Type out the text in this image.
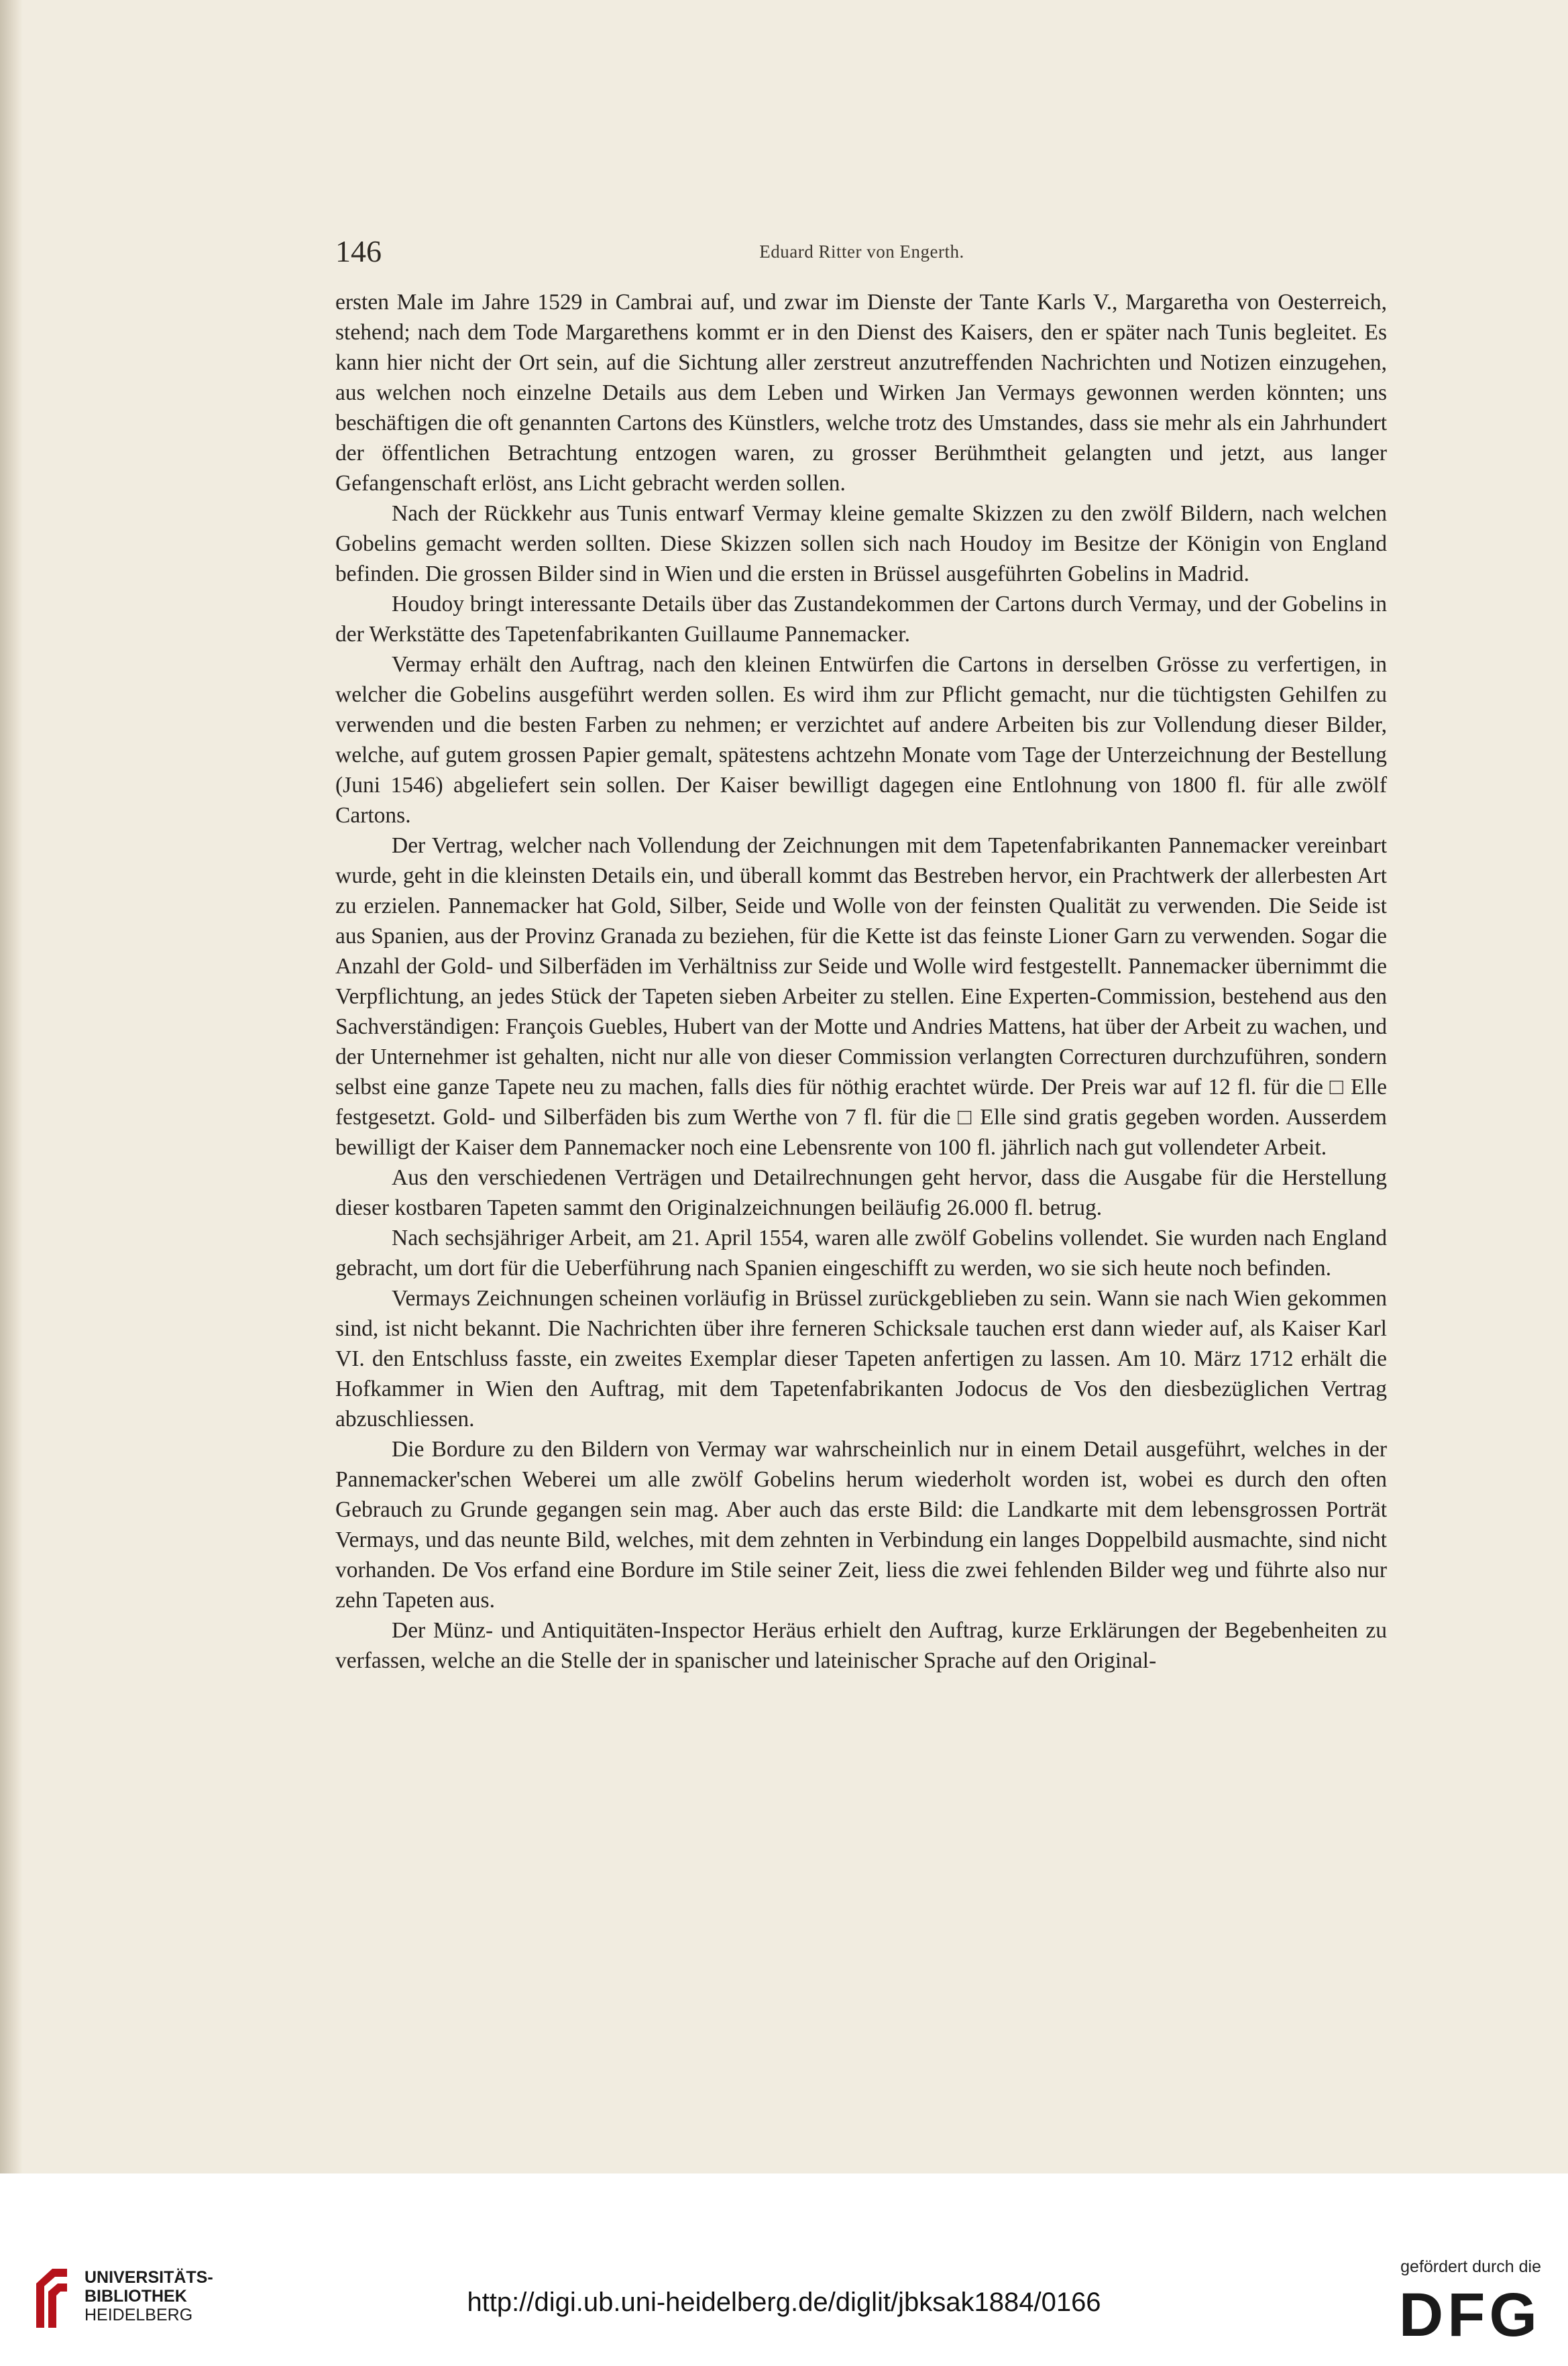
146	Eduard Ritter von Engerth.

ersten Male im Jahre 1529 in Cambrai auf, und zwar im Dienste der Tante Karls V., Margaretha von Oesterreich, stehend; nach dem Tode Margarethens kommt er in den Dienst des Kaisers, den er später nach Tunis begleitet. Es kann hier nicht der Ort sein, auf die Sichtung aller zerstreut anzutreffenden Nachrichten und Notizen einzugehen, aus welchen noch einzelne Details aus dem Leben und Wirken Jan Vermays gewonnen werden könnten; uns beschäftigen die oft genannten Cartons des Künstlers, welche trotz des Umstandes, dass sie mehr als ein Jahrhundert der öffentlichen Betrachtung entzogen waren, zu grosser Berühmtheit gelangten und jetzt, aus langer Gefangenschaft erlöst, ans Licht gebracht werden sollen.

Nach der Rückkehr aus Tunis entwarf Vermay kleine gemalte Skizzen zu den zwölf Bildern, nach welchen Gobelins gemacht werden sollten. Diese Skizzen sollen sich nach Houdoy im Besitze der Königin von England befinden. Die grossen Bilder sind in Wien und die ersten in Brüssel ausgeführten Gobelins in Madrid.

Houdoy bringt interessante Details über das Zustandekommen der Cartons durch Vermay, und der Gobelins in der Werkstätte des Tapetenfabrikanten Guillaume Pannemacker.

Vermay erhält den Auftrag, nach den kleinen Entwürfen die Cartons in derselben Grösse zu verfertigen, in welcher die Gobelins ausgeführt werden sollen. Es wird ihm zur Pflicht gemacht, nur die tüchtigsten Gehilfen zu verwenden und die besten Farben zu nehmen; er verzichtet auf andere Arbeiten bis zur Vollendung dieser Bilder, welche, auf gutem grossen Papier gemalt, spätestens achtzehn Monate vom Tage der Unterzeichnung der Bestellung (Juni 1546) abgeliefert sein sollen. Der Kaiser bewilligt dagegen eine Entlohnung von 1800 fl. für alle zwölf Cartons.

Der Vertrag, welcher nach Vollendung der Zeichnungen mit dem Tapetenfabrikanten Pannemacker vereinbart wurde, geht in die kleinsten Details ein, und überall kommt das Bestreben hervor, ein Prachtwerk der allerbesten Art zu erzielen. Pannemacker hat Gold, Silber, Seide und Wolle von der feinsten Qualität zu verwenden. Die Seide ist aus Spanien, aus der Provinz Granada zu beziehen, für die Kette ist das feinste Lioner Garn zu verwenden. Sogar die Anzahl der Gold- und Silberfäden im Verhältniss zur Seide und Wolle wird festgestellt. Pannemacker übernimmt die Verpflichtung, an jedes Stück der Tapeten sieben Arbeiter zu stellen. Eine Experten-Commission, bestehend aus den Sachverständigen: François Guebles, Hubert van der Motte und Andries Mattens, hat über der Arbeit zu wachen, und der Unternehmer ist gehalten, nicht nur alle von dieser Commission verlangten Correcturen durchzuführen, sondern selbst eine ganze Tapete neu zu machen, falls dies für nöthig erachtet würde. Der Preis war auf 12 fl. für die □ Elle festgesetzt. Gold- und Silberfäden bis zum Werthe von 7 fl. für die □ Elle sind gratis gegeben worden. Ausserdem bewilligt der Kaiser dem Pannemacker noch eine Lebensrente von 100 fl. jährlich nach gut vollendeter Arbeit.

Aus den verschiedenen Verträgen und Detailrechnungen geht hervor, dass die Ausgabe für die Herstellung dieser kostbaren Tapeten sammt den Originalzeichnungen beiläufig 26.000 fl. betrug.

Nach sechsjähriger Arbeit, am 21. April 1554, waren alle zwölf Gobelins vollendet. Sie wurden nach England gebracht, um dort für die Ueberführung nach Spanien eingeschifft zu werden, wo sie sich heute noch befinden.

Vermays Zeichnungen scheinen vorläufig in Brüssel zurückgeblieben zu sein. Wann sie nach Wien gekommen sind, ist nicht bekannt. Die Nachrichten über ihre ferneren Schicksale tauchen erst dann wieder auf, als Kaiser Karl VI. den Entschluss fasste, ein zweites Exemplar dieser Tapeten anfertigen zu lassen. Am 10. März 1712 erhält die Hofkammer in Wien den Auftrag, mit dem Tapetenfabrikanten Jodocus de Vos den diesbezüglichen Vertrag abzuschliessen.

Die Bordure zu den Bildern von Vermay war wahrscheinlich nur in einem Detail ausgeführt, welches in der Pannemacker'schen Weberei um alle zwölf Gobelins herum wiederholt worden ist, wobei es durch den often Gebrauch zu Grunde gegangen sein mag. Aber auch das erste Bild: die Landkarte mit dem lebensgrossen Porträt Vermays, und das neunte Bild, welches, mit dem zehnten in Verbindung ein langes Doppelbild ausmachte, sind nicht vorhanden. De Vos erfand eine Bordure im Stile seiner Zeit, liess die zwei fehlenden Bilder weg und führte also nur zehn Tapeten aus.

Der Münz- und Antiquitäten-Inspector Heräus erhielt den Auftrag, kurze Erklärungen der Begebenheiten zu verfassen, welche an die Stelle der in spanischer und lateinischer Sprache auf den Original-

UNIVERSITÄTS-
BIBLIOTHEK
HEIDELBERG	http://digi.ub.uni-heidelberg.de/diglit/jbksak1884/0166
gefördert durch die
DFG
